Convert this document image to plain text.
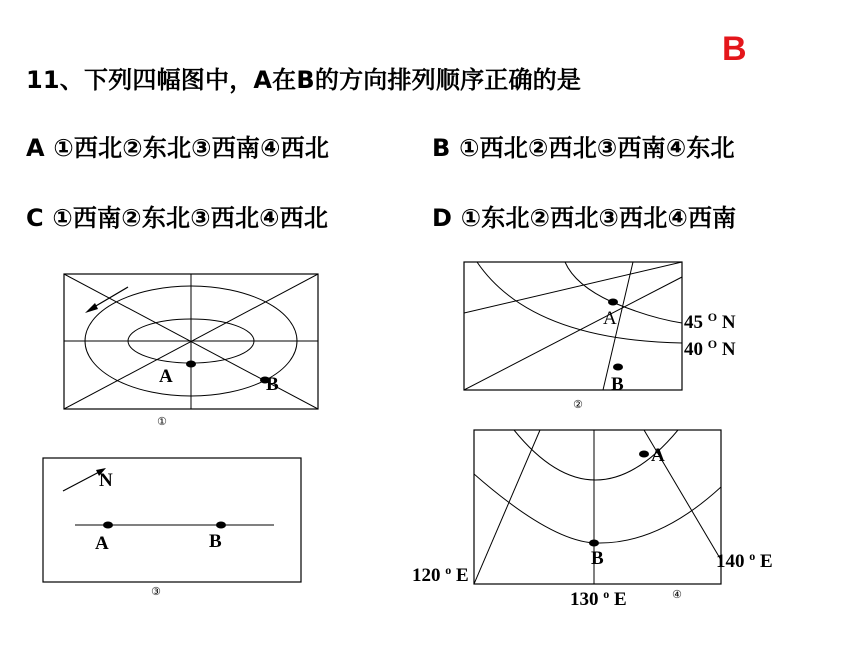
B
11、下列四幅图中，A在B的方向排列顺序正确的是
A ①西北②东北③西南④西北	B ①西北②西北③西南④东北
C ①西南②东北③西北④西北	D ①东北②西北③西北④西南
A	B
①
A
B
45 $^O$ N
40 $^O$ N
②
N
A	B
③
A
B
120 $^o$ E
130 $^o$ E
140 $^o$ E
④
